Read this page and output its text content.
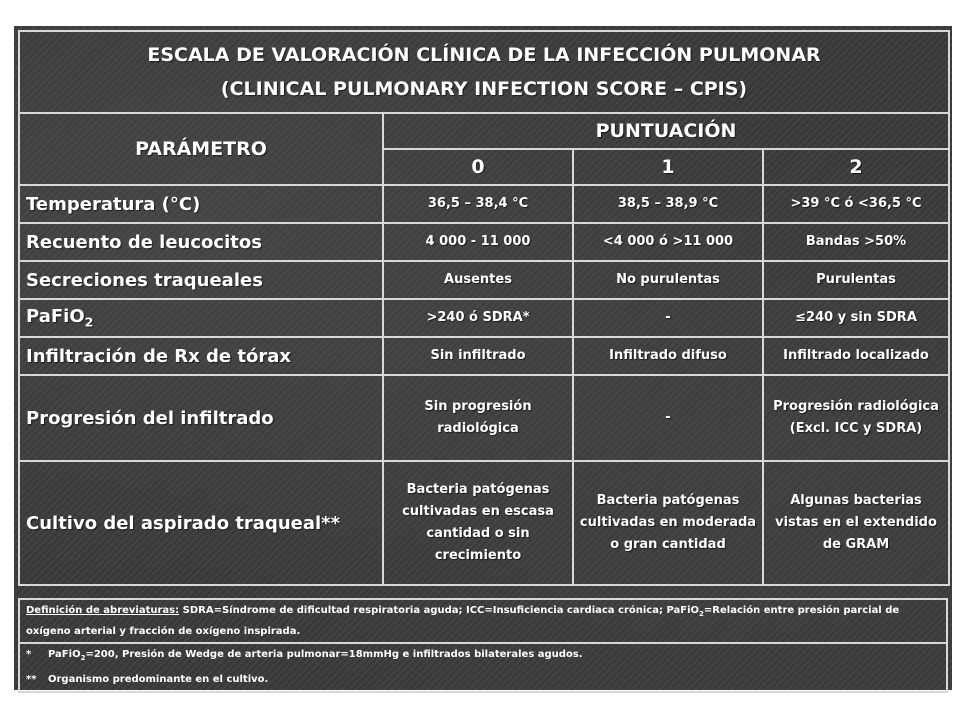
ESCALA DE VALORACIÓN CLÍNICA DE LA INFECCIÓN PULMONAR
(CLINICAL PULMONARY INFECTION SCORE – CPIS)			

PARÁMETRO	PUNTUACIÓN		
	0	1	2
Temperatura (°C)	36,5 – 38,4 °C	38,5 – 38,9 °C	>39 °C ó <36,5 °C
Recuento de leucocitos	4 000 - 11 000	<4 000 ó >11 000	Bandas >50%
Secreciones traqueales	Ausentes	No purulentas	Purulentas
PaFiO$_2$	>240 ó SDRA*	-	≤240 y sin SDRA
Infiltración de Rx de tórax	Sin infiltrado	Infiltrado difuso	Infiltrado localizado
Progresión del infiltrado	Sin progresión radiológica	-	Progresión radiológica (Excl. ICC y SDRA)
Cultivo del aspirado traqueal**	Bacteria patógenas cultivadas en escasa cantidad o sin crecimiento	Bacteria patógenas cultivadas en moderada o gran cantidad	Algunas bacterias vistas en el extendido de GRAM
Definición de abreviaturas: SDRA=Síndrome de dificultad respiratoria aguda; ICC=Insuficiencia cardiaca crónica; PaFiO$_2$=Relación entre presión parcial de oxígeno arterial y fracción de oxígeno inspirada.
* PaFiO$_2$=200, Presión de Wedge de arteria pulmonar=18mmHg e infiltrados bilaterales agudos.
** Organismo predominante en el cultivo.
